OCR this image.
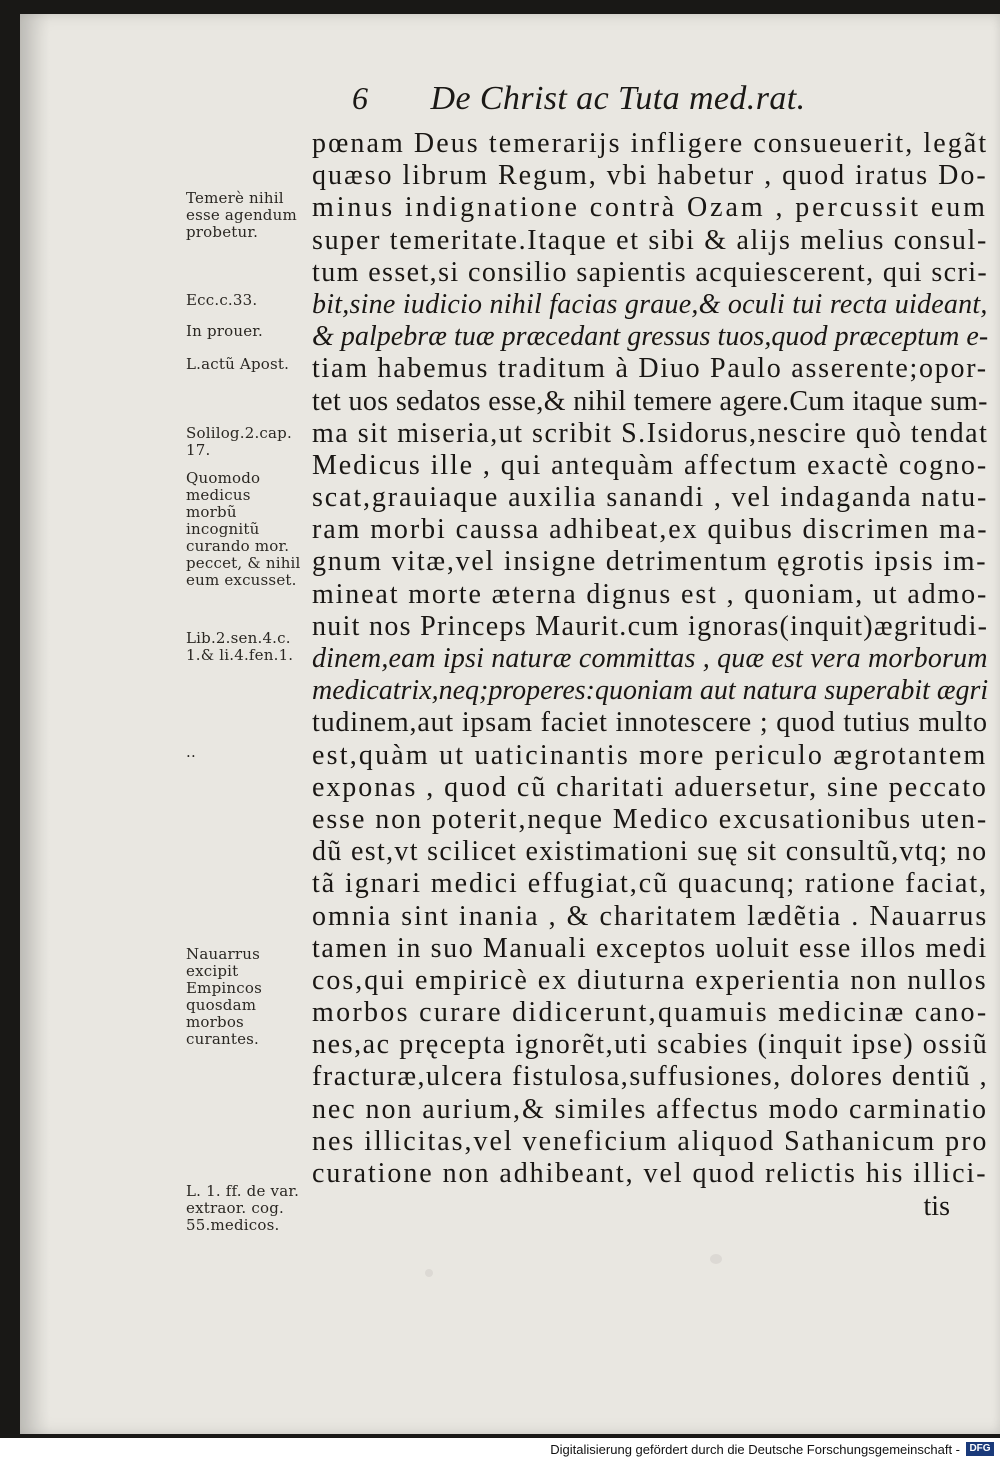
6 De Christ ac Tuta med.rat.
Temerè nihil esse agendum probetur.
Ecc.c.33.
In prouer.
L.actũ Apost.
Solilog.2.cap. 17.
Quomodo medicus morbũ incognitũ curando mor. peccet, & nihil eum excusset.
Lib.2.sen.4.c. 1.& li.4.fen.1.
..
Nauarrus excipit Empincos quosdam morbos curantes.
L. 1. ff. de var. extraor. cog. 55.medicos.
pœnam Deus temerarijs infligere consueuerit, legãt
quæso librum Regum, vbi habetur , quod iratus Do-
minus indignatione contrà Ozam , percussit eum
super temeritate.Itaque et sibi & alijs melius consul-
tum esset,si consilio sapientis acquiescerent, qui scri-
bit,sine iudicio nihil facias graue,& oculi tui recta uideant,
& palpebræ tuæ præcedant gressus tuos,quod præceptum e-
tiam habemus traditum à Diuo Paulo asserente;opor-
tet uos sedatos esse,& nihil temere agere.Cum itaque sum-
ma sit miseria,ut scribit S.Isidorus,nescire quò tendat
Medicus ille , qui antequàm affectum exactè cogno-
scat,grauiaque auxilia sanandi , vel indaganda natu-
ram morbi caussa adhibeat,ex quibus discrimen ma-
gnum vitæ,vel insigne detrimentum ęgrotis ipsis im-
mineat morte æterna dignus est , quoniam, ut admo-
nuit nos Princeps Maurit.cum ignoras(inquit)ægritudi-
dinem,eam ipsi naturæ committas , quæ est vera morborum
medicatrix,neq;properes:quoniam aut natura superabit ægri
tudinem,aut ipsam faciet innotescere ; quod tutius multo
est,quàm ut uaticinantis more periculo ægrotantem
exponas , quod cũ charitati aduersetur, sine peccato
esse non poterit,neque Medico excusationibus uten-
dũ est,vt scilicet existimationi suę sit consultũ,vtq; no
tã ignari medici effugiat,cũ quacunq; ratione faciat,
omnia sint inania , & charitatem lædẽtia . Nauarrus
tamen in suo Manuali exceptos uoluit esse illos medi
cos,qui empiricè ex diuturna experientia non nullos
morbos curare didicerunt,quamuis medicinæ cano-
nes,ac pręcepta ignorẽt,uti scabies (inquit ipse) ossiũ
fracturæ,ulcera fistulosa,suffusiones, dolores dentiũ ,
nec non aurium,& similes affectus modo carminatio
nes illicitas,vel veneficium aliquod Sathanicum pro
curatione non adhibeant, vel quod relictis his illici-
tis
Digitalisierung gefördert durch die Deutsche Forschungsgemeinschaft - DFG
